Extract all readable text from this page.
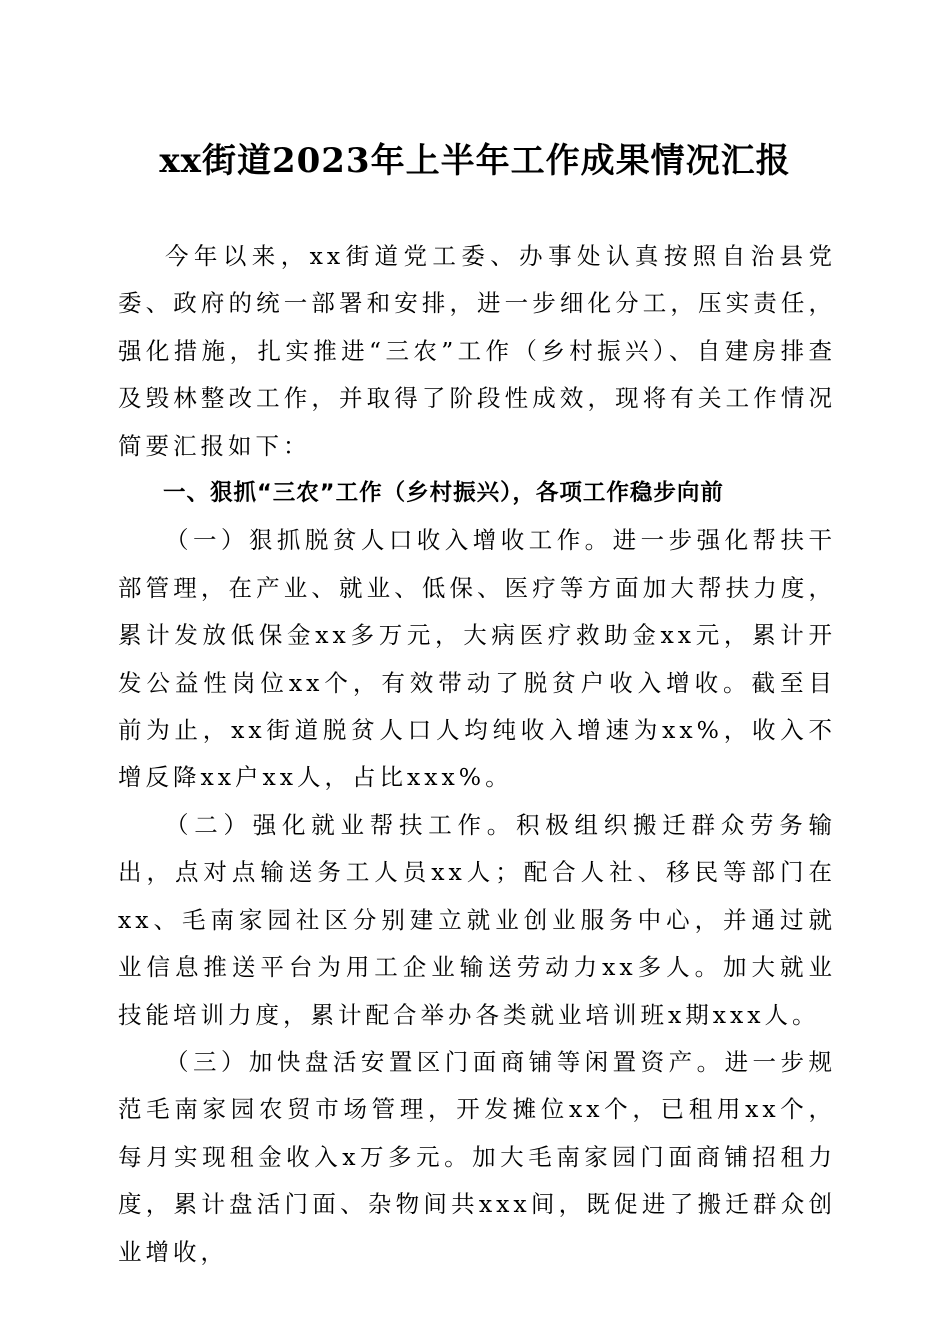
xx街道2023年上半年工作成果情况汇报

今年以来，xx街道党工委、办事处认真按照自治县党委、政府的统一部署和安排，进一步细化分工，压实责任，强化措施，扎实推进“三农”工作（乡村振兴）、自建房排查及毁林整改工作，并取得了阶段性成效，现将有关工作情况简要汇报如下：

一、狠抓“三农”工作（乡村振兴），各项工作稳步向前

（一）狠抓脱贫人口收入增收工作。进一步强化帮扶干部管理，在产业、就业、低保、医疗等方面加大帮扶力度，累计发放低保金xx多万元，大病医疗救助金xx元，累计开发公益性岗位xx个，有效带动了脱贫户收入增收。截至目前为止，xx街道脱贫人口人均纯收入增速为xx%，收入不增反降xx户xx人，占比xxx%。

（二）强化就业帮扶工作。积极组织搬迁群众劳务输出，点对点输送务工人员xx人；配合人社、移民等部门在xx、毛南家园社区分别建立就业创业服务中心，并通过就业信息推送平台为用工企业输送劳动力xx多人。加大就业技能培训力度，累计配合举办各类就业培训班x期xxx人。

（三）加快盘活安置区门面商铺等闲置资产。进一步规范毛南家园农贸市场管理，开发摊位xx个，已租用xx个，每月实现租金收入x万多元。加大毛南家园门面商铺招租力度，累计盘活门面、杂物间共xxx间，既促进了搬迁群众创业增收，
